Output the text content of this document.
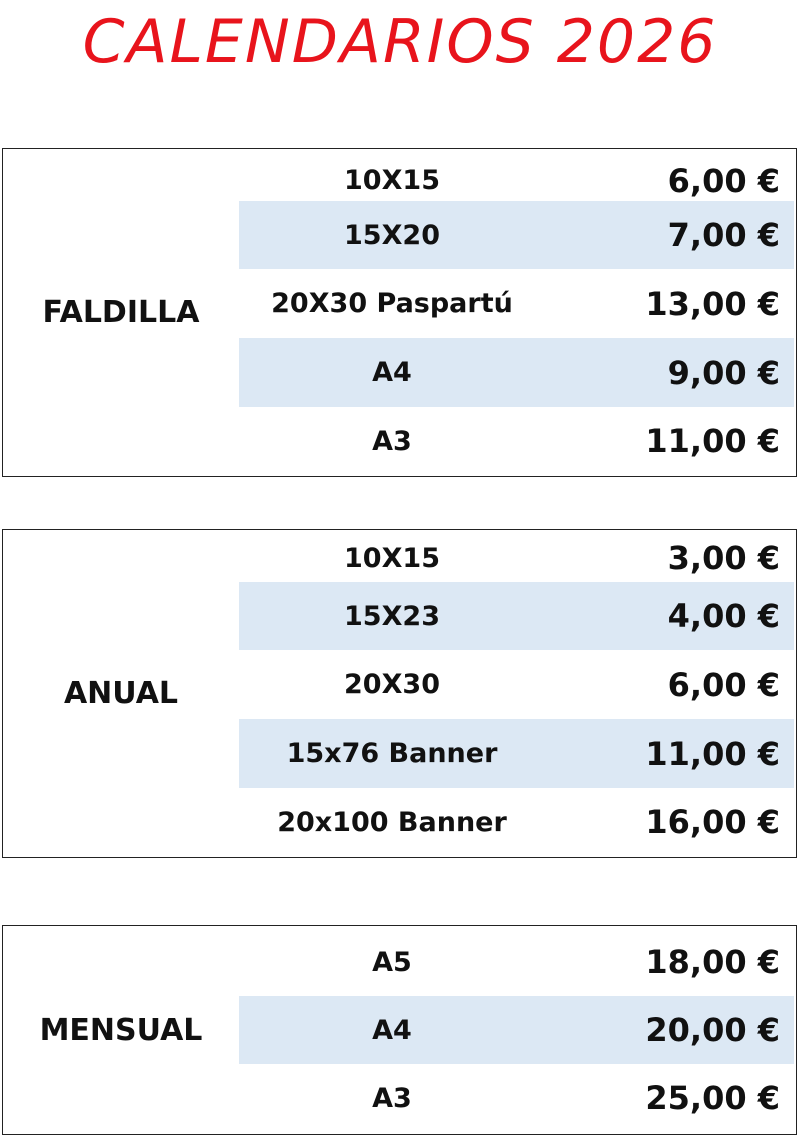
CALENDARIOS 2026
FALDILLA
10X15	6,00 €
15X20	7,00 €
20X30 Paspartú	13,00 €
A4	9,00 €
A3	11,00 €
ANUAL
10X15	3,00 €
15X23	4,00 €
20X30	6,00 €
15x76 Banner	11,00 €
20x100 Banner	16,00 €
MENSUAL
A5	18,00 €
A4	20,00 €
A3	25,00 €
